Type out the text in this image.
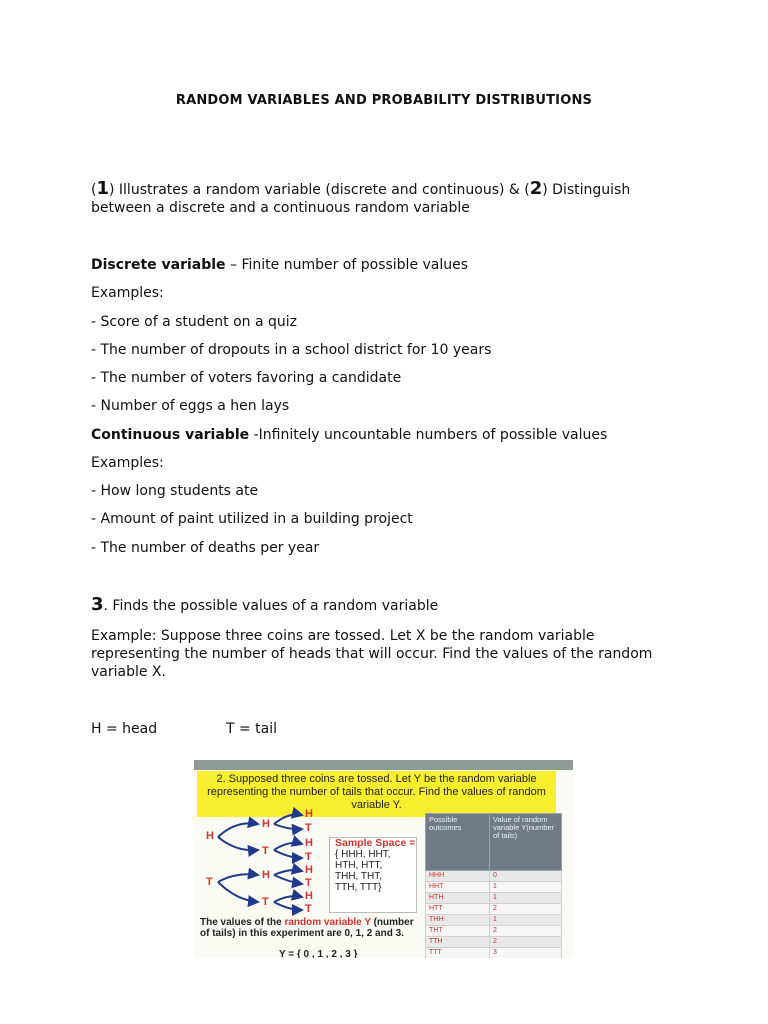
RANDOM VARIABLES AND PROBABILITY DISTRIBUTIONS
(1) Illustrates a random variable (discrete and continuous) & (2) Distinguish between a discrete and a continuous random variable
Discrete variable – Finite number of possible values
Examples:
- Score of a student on a quiz
- The number of dropouts in a school district for 10 years
- The number of voters favoring a candidate
- Number of eggs a hen lays
Continuous variable -Infinitely uncountable numbers of possible values
Examples:
- How long students ate
- Amount of paint utilized in a building project
- The number of deaths per year
3. Finds the possible values of a random variable
Example: Suppose three coins are tossed. Let X be the random variable representing the number of heads that will occur. Find the values of the random variable X.
H = head	T = tail
2. Supposed three coins are tossed. Let Y be the random variable representing the number of tails that occur. Find the values of random variable Y.
H
T
H
T
H
T
H
T
H
T
H
T
H
T
Sample Space =
{ HHH, HHT,
HTH, HTT,
THH, THT,
TTH, TTT}
The values of the random variable Y (number of tails) in this experiment are 0, 1, 2 and 3.
Y = { 0 , 1 , 2 , 3 }
Possible outcomes	Value of random variable Y(number of tails)
HHH	0
HHT	1
HTH	1
HTT	2
THH	1
THT	2
TTH	2
TTT	3
